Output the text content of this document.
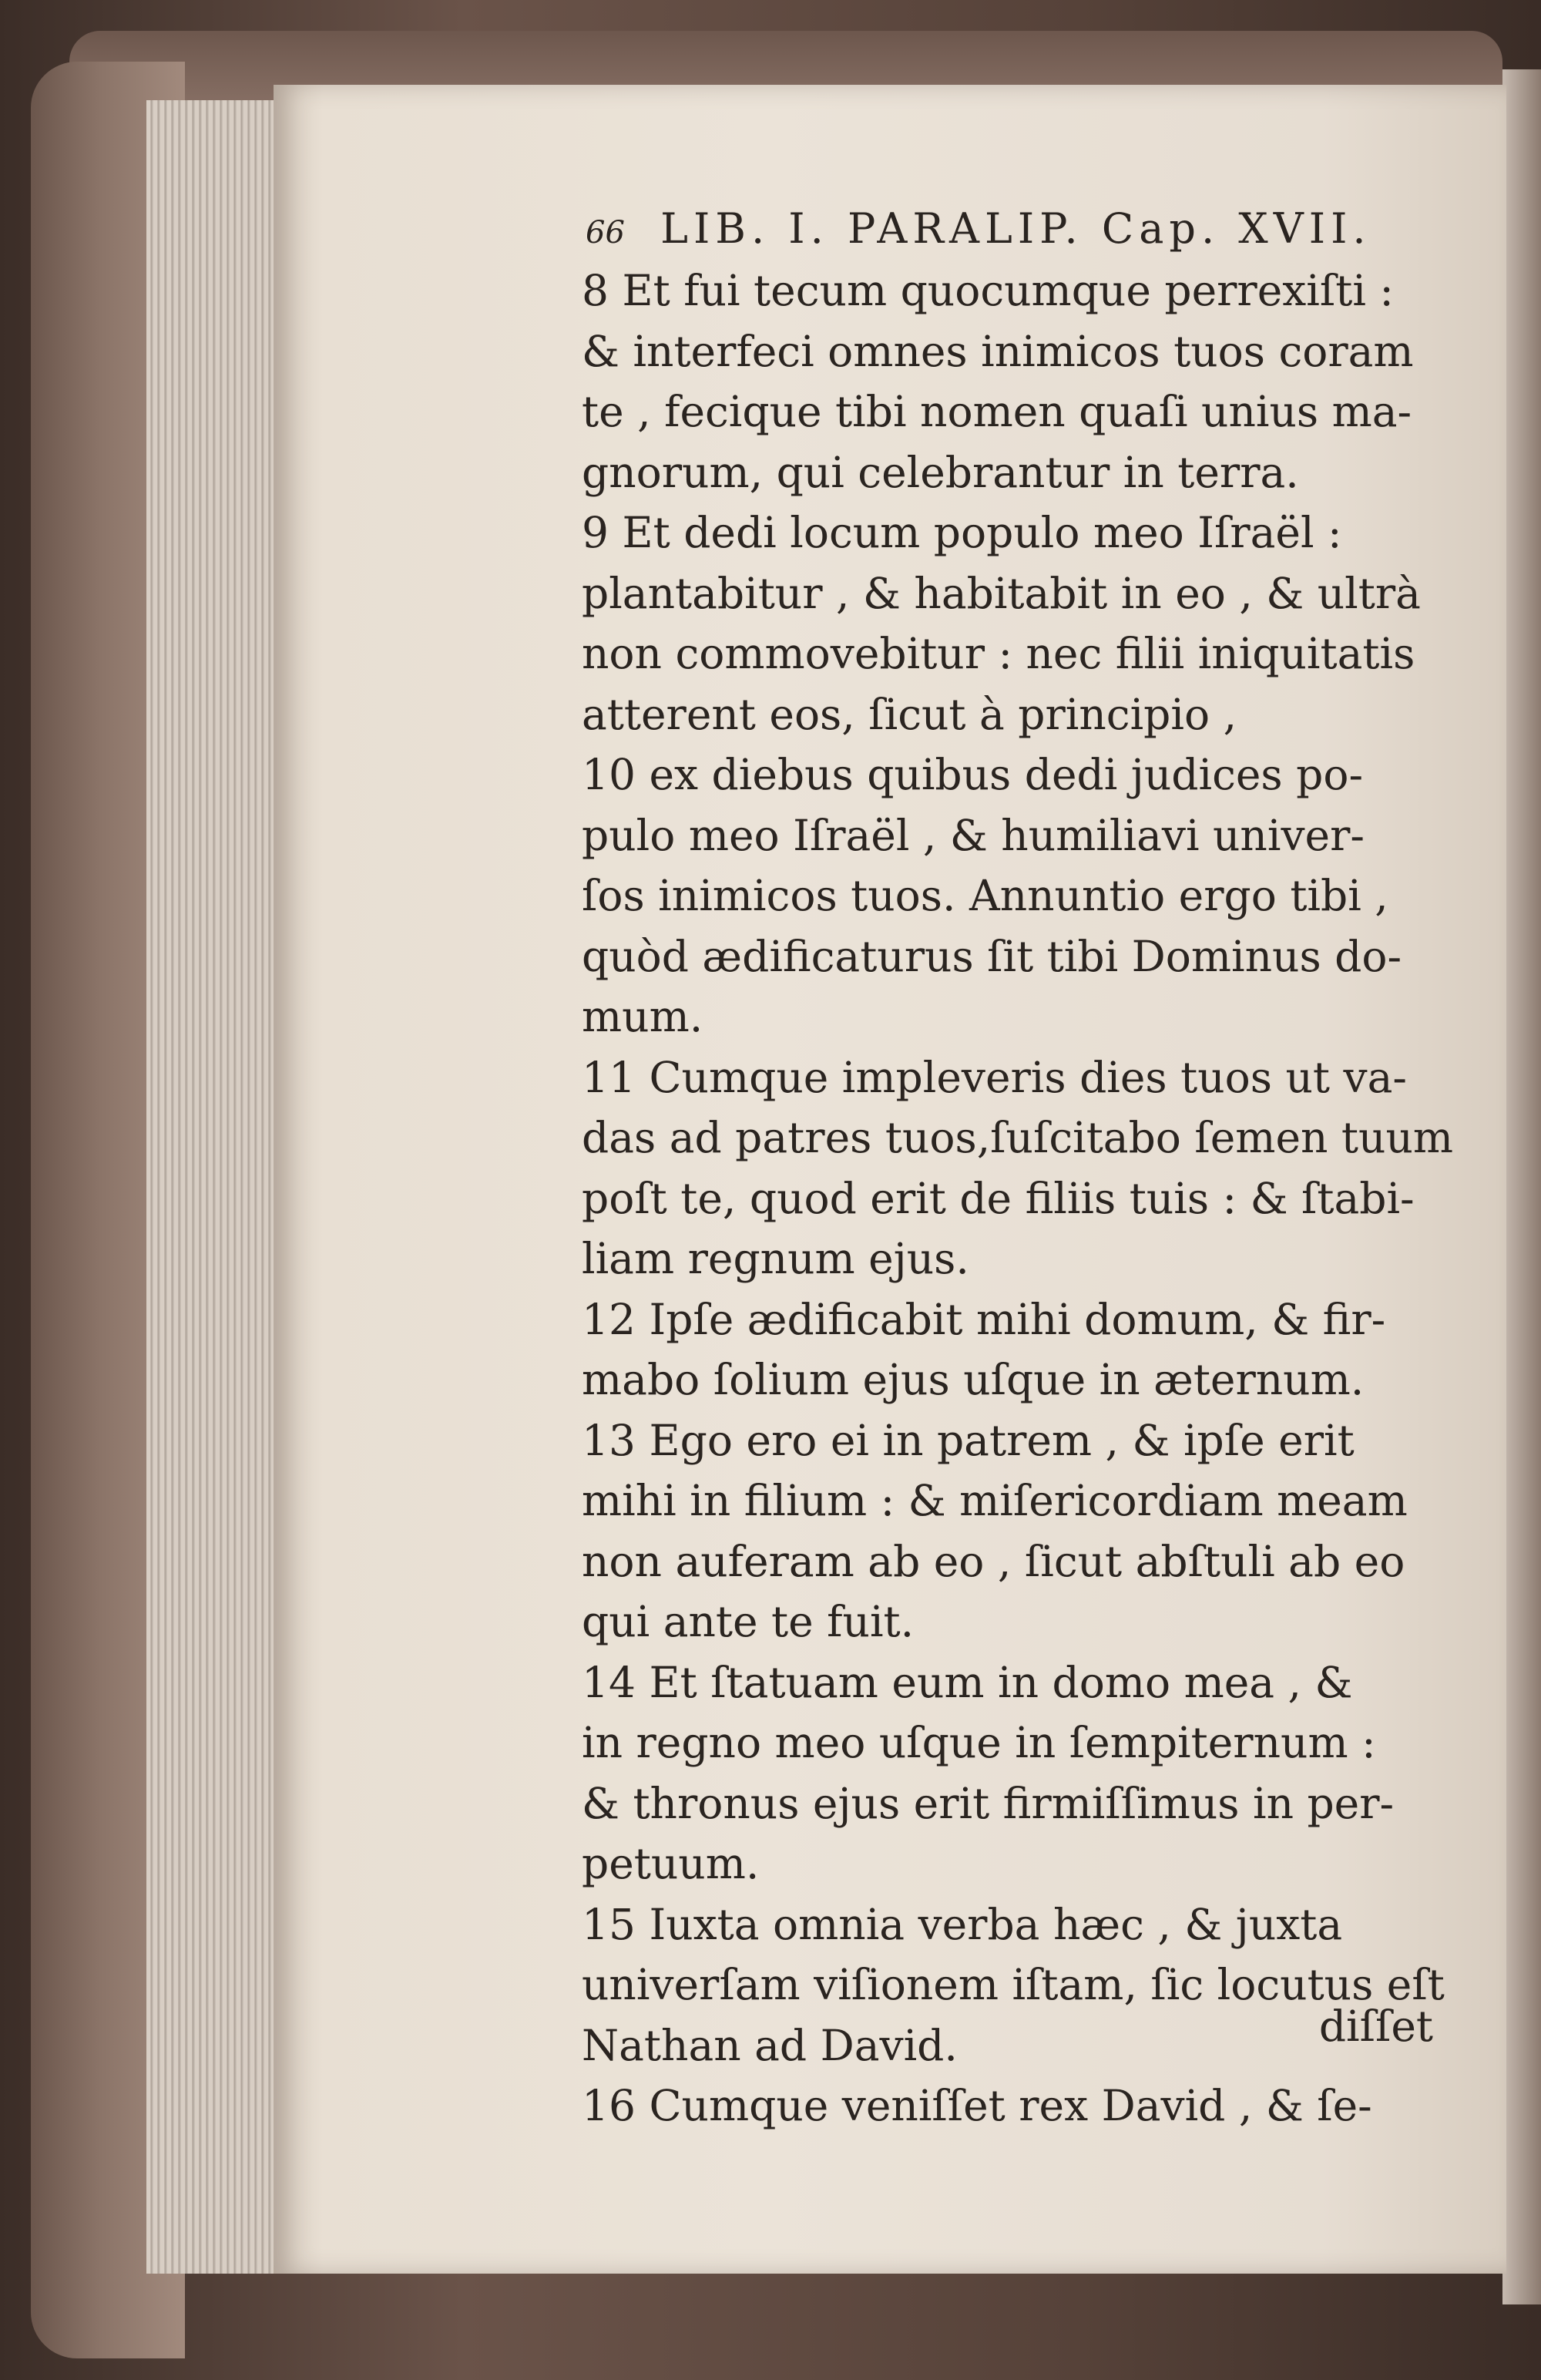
66 LIB. I. PARALIP. Cap. XVII.
8 Et fui tecum quocumque perrexiſti :
& interfeci omnes inimicos tuos coram
te , fecique tibi nomen quaſi unius ma-
gnorum, qui celebrantur in terra.
9 Et dedi locum populo meo Iſraël :
plantabitur , & habitabit in eo , & ultrà
non commovebitur : nec filii iniquitatis
atterent eos, ſicut à principio ,
10 ex diebus quibus dedi judices po-
pulo meo Iſraël , & humiliavi univer-
ſos inimicos tuos. Annuntio ergo tibi ,
quòd ædificaturus ſit tibi Dominus do-
mum.
11 Cumque impleveris dies tuos ut va-
das ad patres tuos,ſuſcitabo ſemen tuum
poſt te, quod erit de filiis tuis : & ſtabi-
liam regnum ejus.
12 Ipſe ædificabit mihi domum, & fir-
mabo ſolium ejus uſque in æternum.
13 Ego ero ei in patrem , & ipſe erit
mihi in filium : & miſericordiam meam
non auferam ab eo , ſicut abſtuli ab eo
qui ante te fuit.
14 Et ſtatuam eum in domo mea , &
in regno meo uſque in ſempiternum :
& thronus ejus erit firmiſſimus in per-
petuum.
15 Iuxta omnia verba hæc , & juxta
univerſam viſionem iſtam, ſic locutus eſt
Nathan ad David.
16 Cumque veniſſet rex David , & ſe-
diſſet
